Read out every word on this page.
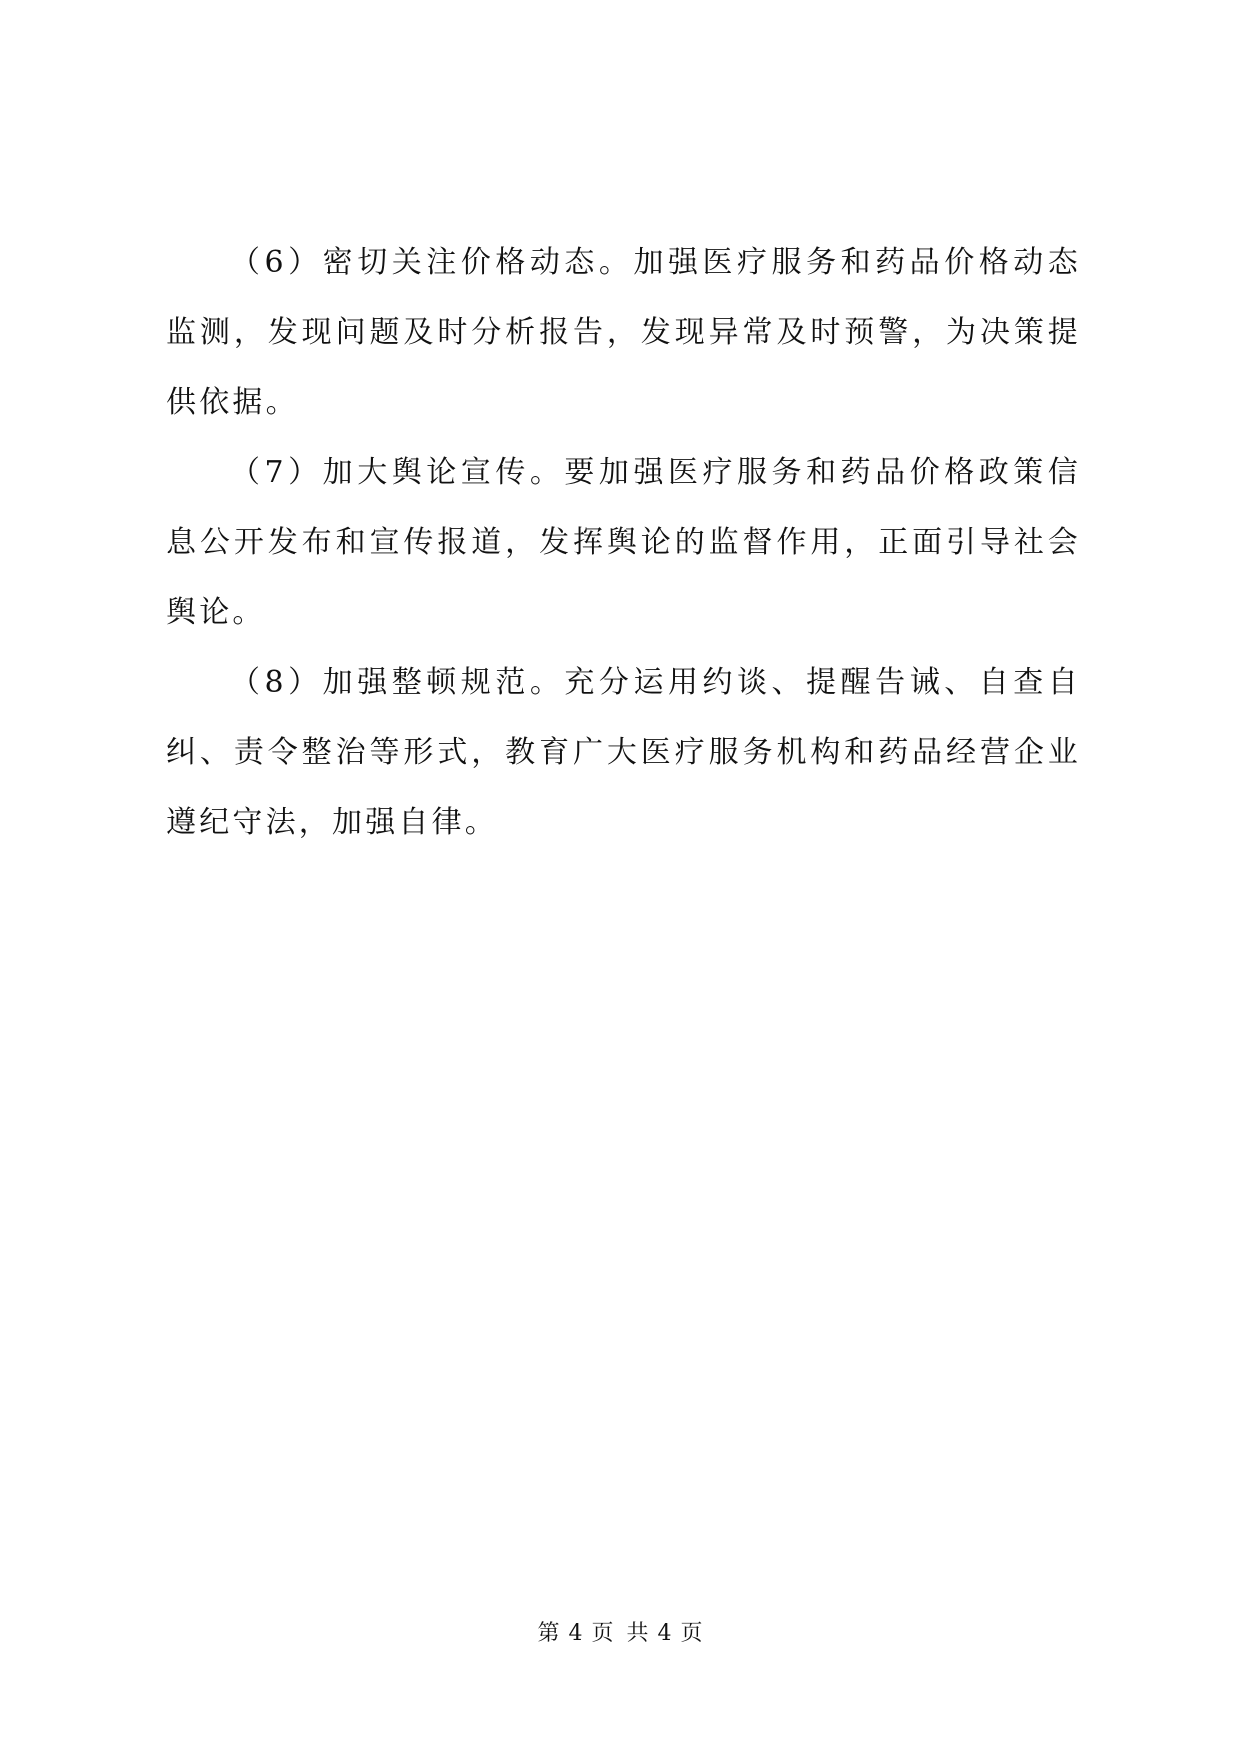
（6）密切关注价格动态。加强医疗服务和药品价格动态监测，发现问题及时分析报告，发现异常及时预警，为决策提供依据。

（7）加大舆论宣传。要加强医疗服务和药品价格政策信息公开发布和宣传报道，发挥舆论的监督作用，正面引导社会舆论。

（8）加强整顿规范。充分运用约谈、提醒告诫、自查自纠、责令整治等形式，教育广大医疗服务机构和药品经营企业遵纪守法，加强自律。

第 4 页 共 4 页
